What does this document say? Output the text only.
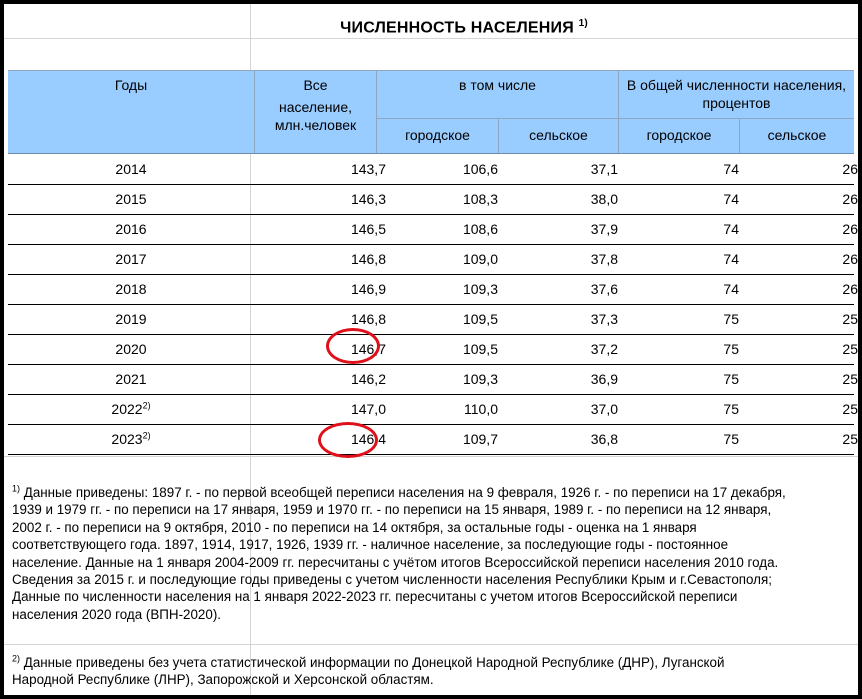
ЧИСЛЕННОСТЬ НАСЕЛЕНИЯ $^{1)}$
Годы	Все
население,
млн.человек
в том числе
городское	сельское
В общей численности населения,
процентов
городское	сельское
2014	143,7	106,6	37,1	74	26
2015	146,3	108,3	38,0	74	26
2016	146,5	108,6	37,9	74	26
2017	146,8	109,0	37,8	74	26
2018	146,9	109,3	37,6	74	26
2019	146,8	109,5	37,3	75	25
2020	146,7	109,5	37,2	75	25
2021	146,2	109,3	36,9	75	25
2022$^{2)}$	147,0	110,0	37,0	75	25
2023$^{2)}$	146,4	109,7	36,8	75	25
$^{1)}$ Данные приведены: 1897 г. - по первой всеобщей переписи населения на 9 февраля, 1926 г. - по переписи на 17 декабря,
1939 и 1979 гг. - по переписи на 17 января, 1959 и 1970 гг. - по переписи на 15 января, 1989 г. - по переписи на 12 января,
2002 г. - по переписи на 9 октября, 2010 - по переписи на 14 октября, за остальные годы - оценка на 1 января
соответствующего года. 1897, 1914, 1917, 1926, 1939 гг. - наличное население, за последующие годы - постоянное
население. Данные на 1 января 2004-2009 гг. пересчитаны с учётом итогов Всероссийской переписи населения 2010 года.
Сведения за 2015 г. и последующие годы приведены с учетом численности населения Республики Крым и г.Севастополя;
Данные по численности населения на 1 января 2022-2023 гг. пересчитаны с учетом итогов Всероссийской переписи
населения 2020 года (ВПН-2020).
$^{2)}$ Данные приведены без учета статистической информации по Донецкой Народной Республике (ДНР), Луганской
Народной Республике (ЛНР), Запорожской и Херсонской областям.
